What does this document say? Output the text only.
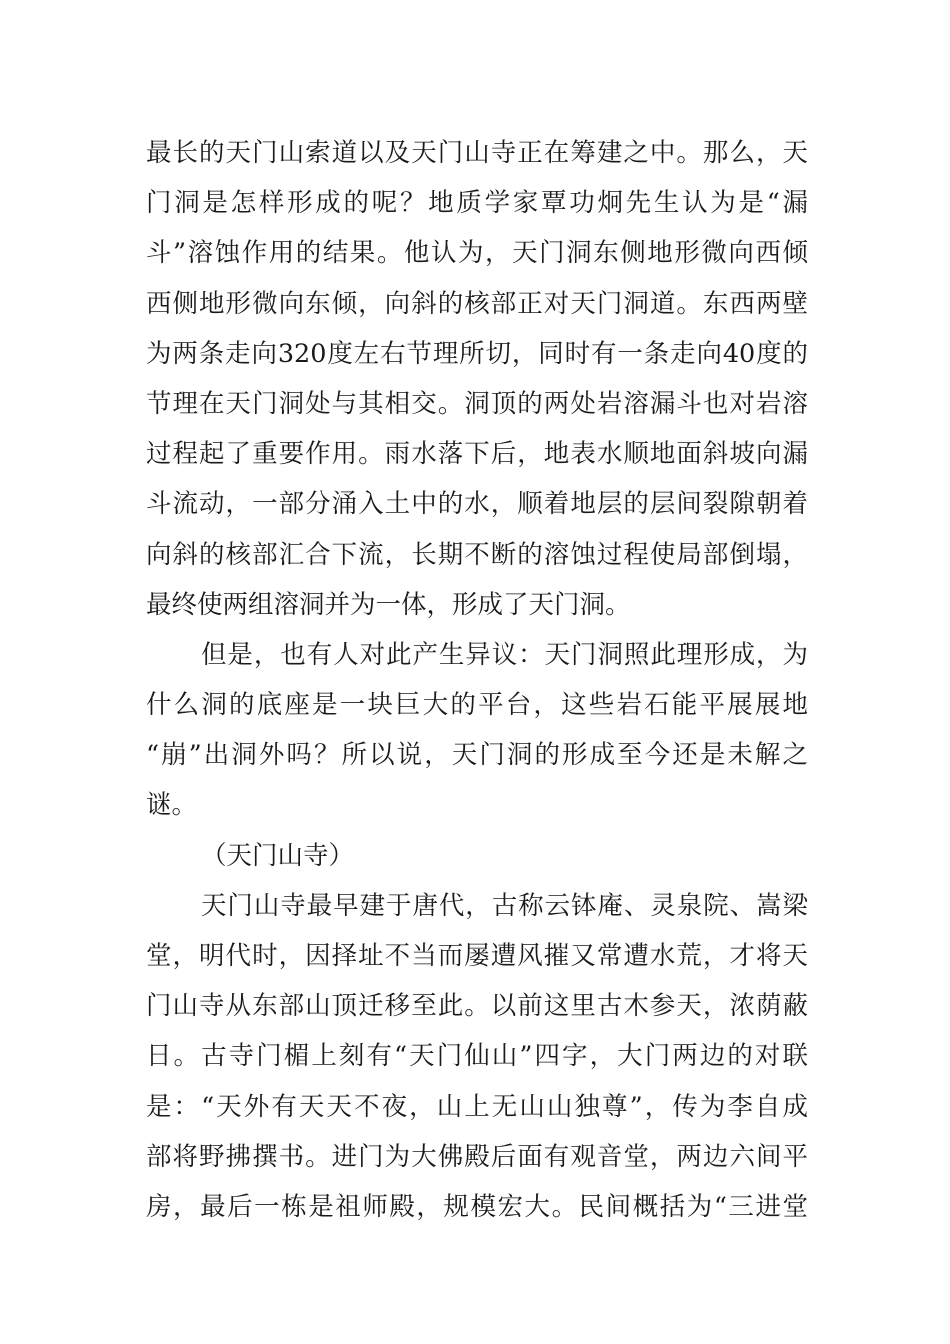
最长的天门山索道以及天门山寺正在筹建之中。那么，天
门洞是怎样形成的呢？地质学家覃功炯先生认为是“漏
斗”溶蚀作用的结果。他认为，天门洞东侧地形微向西倾
西侧地形微向东倾，向斜的核部正对天门洞道。东西两壁
为两条走向320度左右节理所切，同时有一条走向40度的
节理在天门洞处与其相交。洞顶的两处岩溶漏斗也对岩溶
过程起了重要作用。雨水落下后，地表水顺地面斜坡向漏
斗流动，一部分涌入土中的水，顺着地层的层间裂隙朝着
向斜的核部汇合下流，长期不断的溶蚀过程使局部倒塌，
最终使两组溶洞并为一体，形成了天门洞。
但是，也有人对此产生异议：天门洞照此理形成，为
什么洞的底座是一块巨大的平台，这些岩石能平展展地
“崩”出洞外吗？所以说，天门洞的形成至今还是未解之
谜。
（天门山寺）
天门山寺最早建于唐代，古称云钵庵、灵泉院、嵩梁
堂，明代时，因择址不当而屡遭风摧又常遭水荒，才将天
门山寺从东部山顶迁移至此。以前这里古木参天，浓荫蔽
日。古寺门楣上刻有“天门仙山”四字，大门两边的对联
是：“天外有天天不夜，山上无山山独尊”，传为李自成
部将野拂撰书。进门为大佛殿后面有观音堂，两边六间平
房，最后一栋是祖师殿，规模宏大。民间概括为“三进堂
